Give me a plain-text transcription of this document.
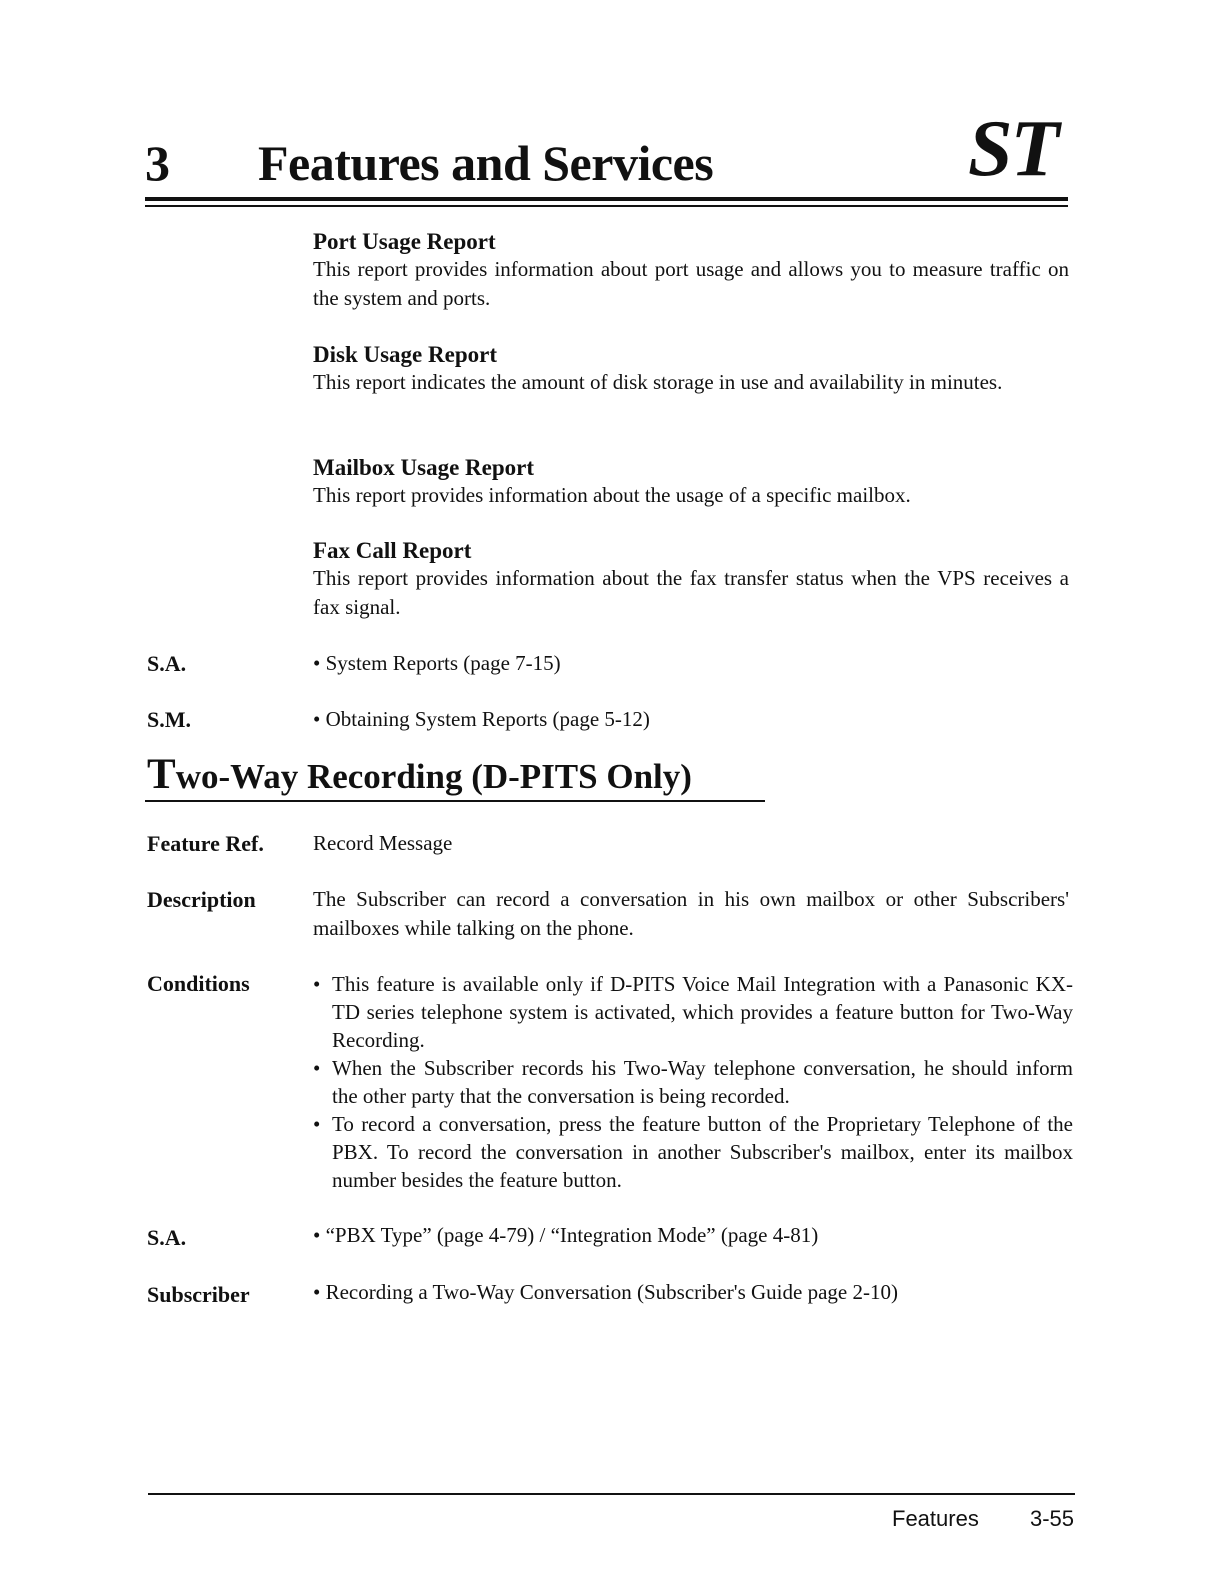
3 Features and Services	ST
Port Usage Report
This report provides information about port usage and allows you to measure traffic on the system and ports.
Disk Usage Report
This report indicates the amount of disk storage in use and availability in minutes.
Mailbox Usage Report
This report provides information about the usage of a specific mailbox.
Fax Call Report
This report provides information about the fax transfer status when the VPS receives a fax signal.
S.A.	• System Reports (page 7-15)
S.M.	• Obtaining System Reports (page 5-12)
Two-Way Recording (D-PITS Only)
Feature Ref. Record Message
Description	The Subscriber can record a conversation in his own mailbox or other Subscribers' mailboxes while talking on the phone.
Conditions
•	This feature is available only if D-PITS Voice Mail Integration with a Panasonic KX-TD series telephone system is activated, which provides a feature button for Two-Way Recording.
• When the Subscriber records his Two-Way telephone conversation, he should inform the other party that the conversation is being recorded.
• To record a conversation, press the feature button of the Proprietary Telephone of the PBX. To record the conversation in another Subscriber's mailbox, enter its mailbox number besides the feature button.
S.A.	• “PBX Type” (page 4-79) / “Integration Mode” (page 4-81)
Subscriber	• Recording a Two-Way Conversation (Subscriber's Guide page 2-10)
Features 3-55
